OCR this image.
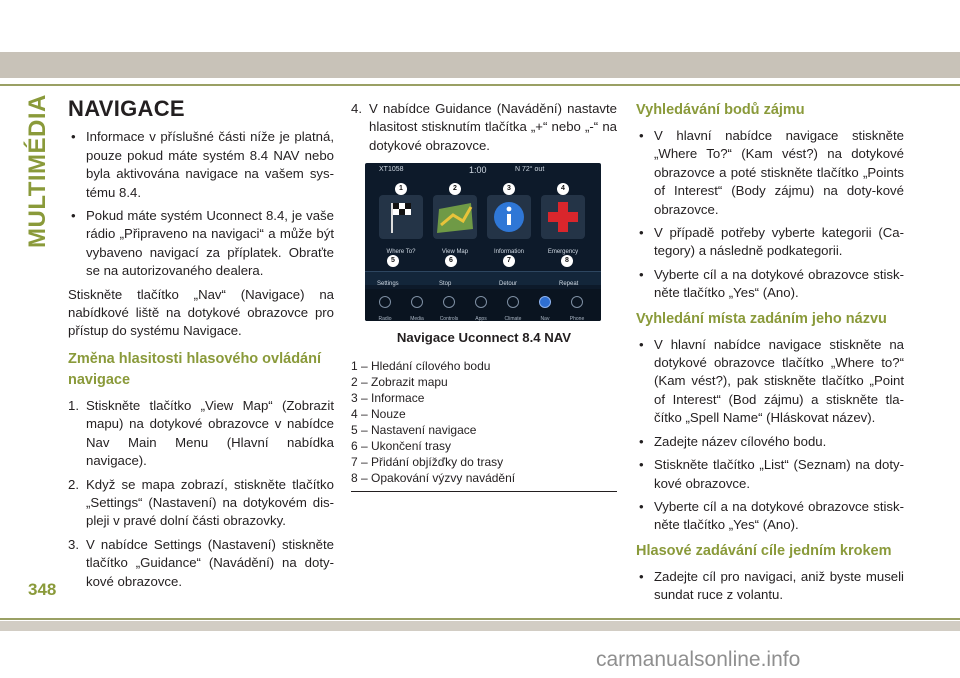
MULTIMÉDIA NAVIGACE
• Informace v příslušné části níže je platná, pouze pokud máte systém 8.4 NAV nebo byla aktivována navigace na vašem sys-tému 8.4.
• Pokud máte systém Uconnect 8.4, je vaše rádio „Připraveno na navigaci“ a může být vybaveno navigací za příplatek. Obraťte se na autorizovaného dealera.

Stiskněte tlačítko „Nav“ (Navigace) na nabídkové liště na dotykové obrazovce pro přístup do systému Navigace.

Změna hlasitosti hlasového ovládání navigace
1. Stiskněte tlačítko „View Map“ (Zobrazit mapu) na dotykové obrazovce v nabídce Nav Main Menu (Hlavní nabídka navigace).
2. Když se mapa zobrazí, stiskněte tlačítko „Settings“ (Nastavení) na dotykovém dis-pleji v pravé dolní části obrazovky.
3. V nabídce Settings (Nastavení) stiskněte tlačítko „Guidance“ (Navádění) na doty-kové obrazovce.
4. V nabídce Guidance (Navádění) nastavte hlasitost stisknutím tlačítka „+“ nebo „-“ na dotykové obrazovce.
XT1058	1:00	N 72° out
Where To?	View Map	Information	Emergency
1	2	3	4
5	6	7	8
Settings	Stop	Detour	Repeat
Radio	Media	Controls	Apps	Climate	Nav	Phone
Navigace Uconnect 8.4 NAV
1 – Hledání cílového bodu
2 – Zobrazit mapu
3 – Informace
4 – Nouze
5 – Nastavení navigace
6 – Ukončení trasy
7 – Přidání objížďky do trasy
8 – Opakování výzvy navádění
Vyhledávání bodů zájmu
• V hlavní nabídce navigace stiskněte „Where To?“ (Kam vést?) na dotykové obrazovce a poté stiskněte tlačítko „Points of Interest“ (Body zájmu) na doty-kové obrazovce.
• V případě potřeby vyberte kategorii (Ca-tegory) a následně podkategorii.
• Vyberte cíl a na dotykové obrazovce stisk-něte tlačítko „Yes“ (Ano).
Vyhledání místa zadáním jeho názvu
• V hlavní nabídce navigace stiskněte na dotykové obrazovce tlačítko „Where to?“ (Kam vést?), pak stiskněte tlačítko „Point of Interest“ (Bod zájmu) a stiskněte tla-čítko „Spell Name“ (Hláskovat název).
• Zadejte název cílového bodu.
• Stiskněte tlačítko „List“ (Seznam) na doty-kové obrazovce.
• Vyberte cíl a na dotykové obrazovce stisk-něte tlačítko „Yes“ (Ano).
Hlasové zadávání cíle jedním krokem
• Zadejte cíl pro navigaci, aniž byste museli sundat ruce z volantu.
348
carmanualsonline.info
